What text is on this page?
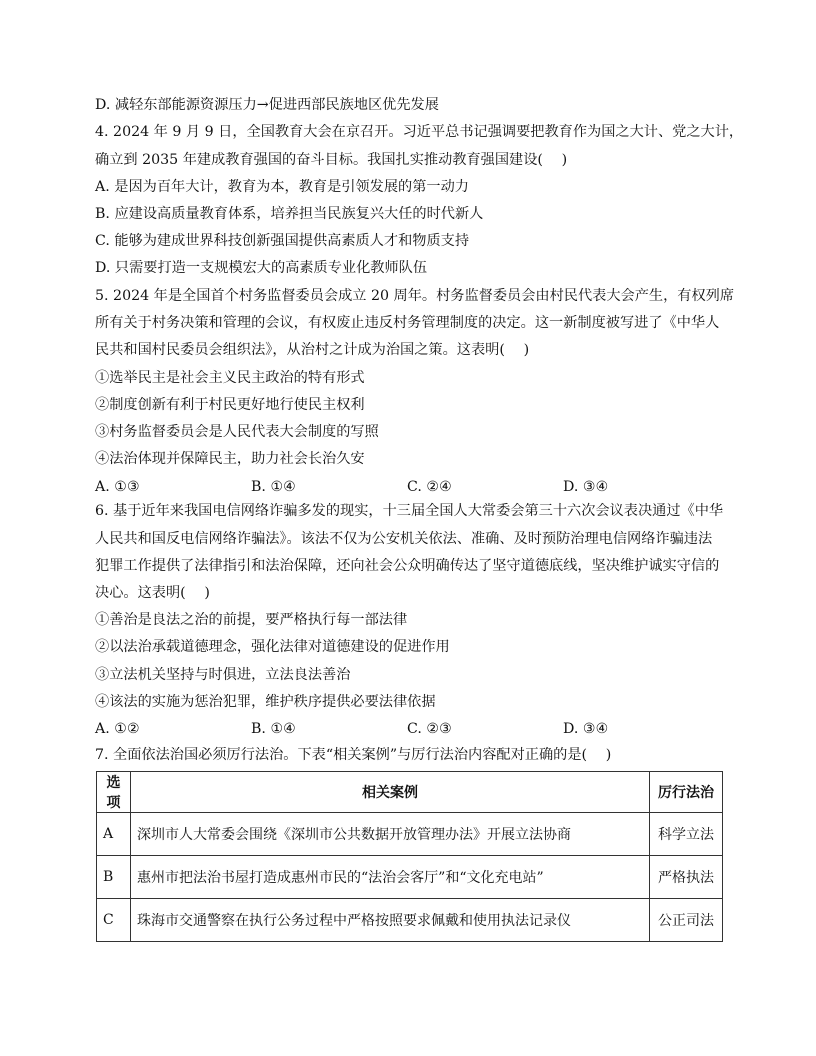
D. 减轻东部能源资源压力→促进西部民族地区优先发展
4. 2024 年 9 月 9 日，全国教育大会在京召开。习近平总书记强调要把教育作为国之大计、党之大计，
确立到 2035 年建成教育强国的奋斗目标。我国扎实推动教育强国建设(　 )
A. 是因为百年大计，教育为本，教育是引领发展的第一动力
B. 应建设高质量教育体系，培养担当民族复兴大任的时代新人
C. 能够为建成世界科技创新强国提供高素质人才和物质支持
D. 只需要打造一支规模宏大的高素质专业化教师队伍
5. 2024 年是全国首个村务监督委员会成立 20 周年。村务监督委员会由村民代表大会产生，有权列席
所有关于村务决策和管理的会议，有权废止违反村务管理制度的决定。这一新制度被写进了《中华人
民共和国村民委员会组织法》，从治村之计成为治国之策。这表明(　 )
①选举民主是社会主义民主政治的特有形式
②制度创新有利于村民更好地行使民主权利
③村务监督委员会是人民代表大会制度的写照
④法治体现并保障民主，助力社会长治久安
A. ①③	B. ①④	C. ②④	D. ③④
6. 基于近年来我国电信网络诈骗多发的现实，十三届全国人大常委会第三十六次会议表决通过《中华
人民共和国反电信网络诈骗法》。该法不仅为公安机关依法、准确、及时预防治理电信网络诈骗违法
犯罪工作提供了法律指引和法治保障，还向社会公众明确传达了坚守道德底线，坚决维护诚实守信的
决心。这表明(　 )
①善治是良法之治的前提，要严格执行每一部法律
②以法治承载道德理念，强化法律对道德建设的促进作用
③立法机关坚持与时俱进，立法良法善治
④该法的实施为惩治犯罪，维护秩序提供必要法律依据
A. ①②	B. ①④	C. ②③	D. ③④
7. 全面依法治国必须厉行法治。下表“相关案例”与厉行法治内容配对正确的是(　 )
选项	相关案例	厉行法治
A	深圳市人大常委会围绕《深圳市公共数据开放管理办法》开展立法协商	科学立法
B	惠州市把法治书屋打造成惠州市民的“法治会客厅”和“文化充电站”	严格执法
C	珠海市交通警察在执行公务过程中严格按照要求佩戴和使用执法记录仪	公正司法
